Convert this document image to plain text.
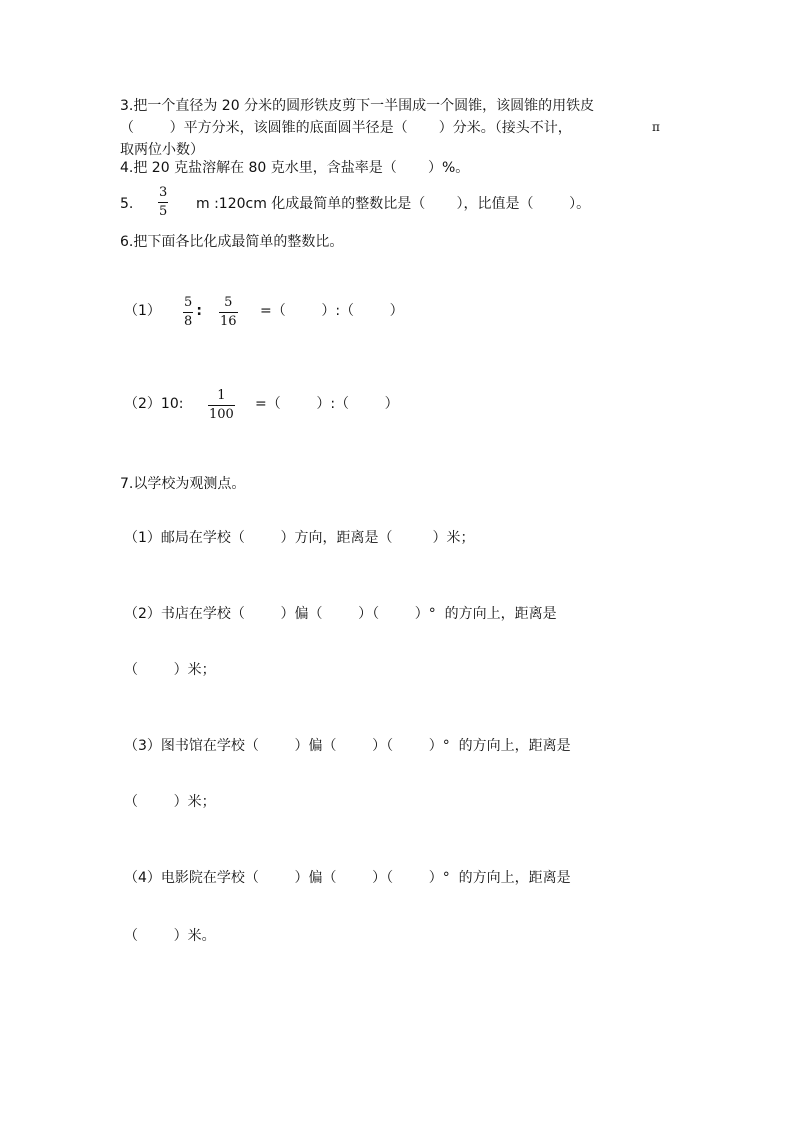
3.把一个直径为 20 分米的圆形铁皮剪下一半围成一个圆锥，该圆锥的用铁皮
（        ）平方分米，该圆锥的底面圆半径是（       ）分米。（接头不计，	π
取两位小数）
4.把 20 克盐溶解在 80 克水里，含盐率是（       ）%。
5.
3
5 m :120cm 化成最简单的整数比是（       ），比值是（        ）。
6.把下面各比化成最简单的整数比。
（1）
5
8
∶
5
16
=（        ）:（        ）
（2）10:
1
100
=（        ）:（        ）
7.以学校为观测点。
（1）邮局在学校（        ）方向，距离是（         ）米；
（2）书店在学校（        ）偏（        ）（        ）°  的方向上，距离是
（        ）米；
（3）图书馆在学校（        ）偏（        ）（        ）°  的方向上，距离是
（        ）米；
（4）电影院在学校（        ）偏（        ）（        ）°  的方向上，距离是
（        ）米。
